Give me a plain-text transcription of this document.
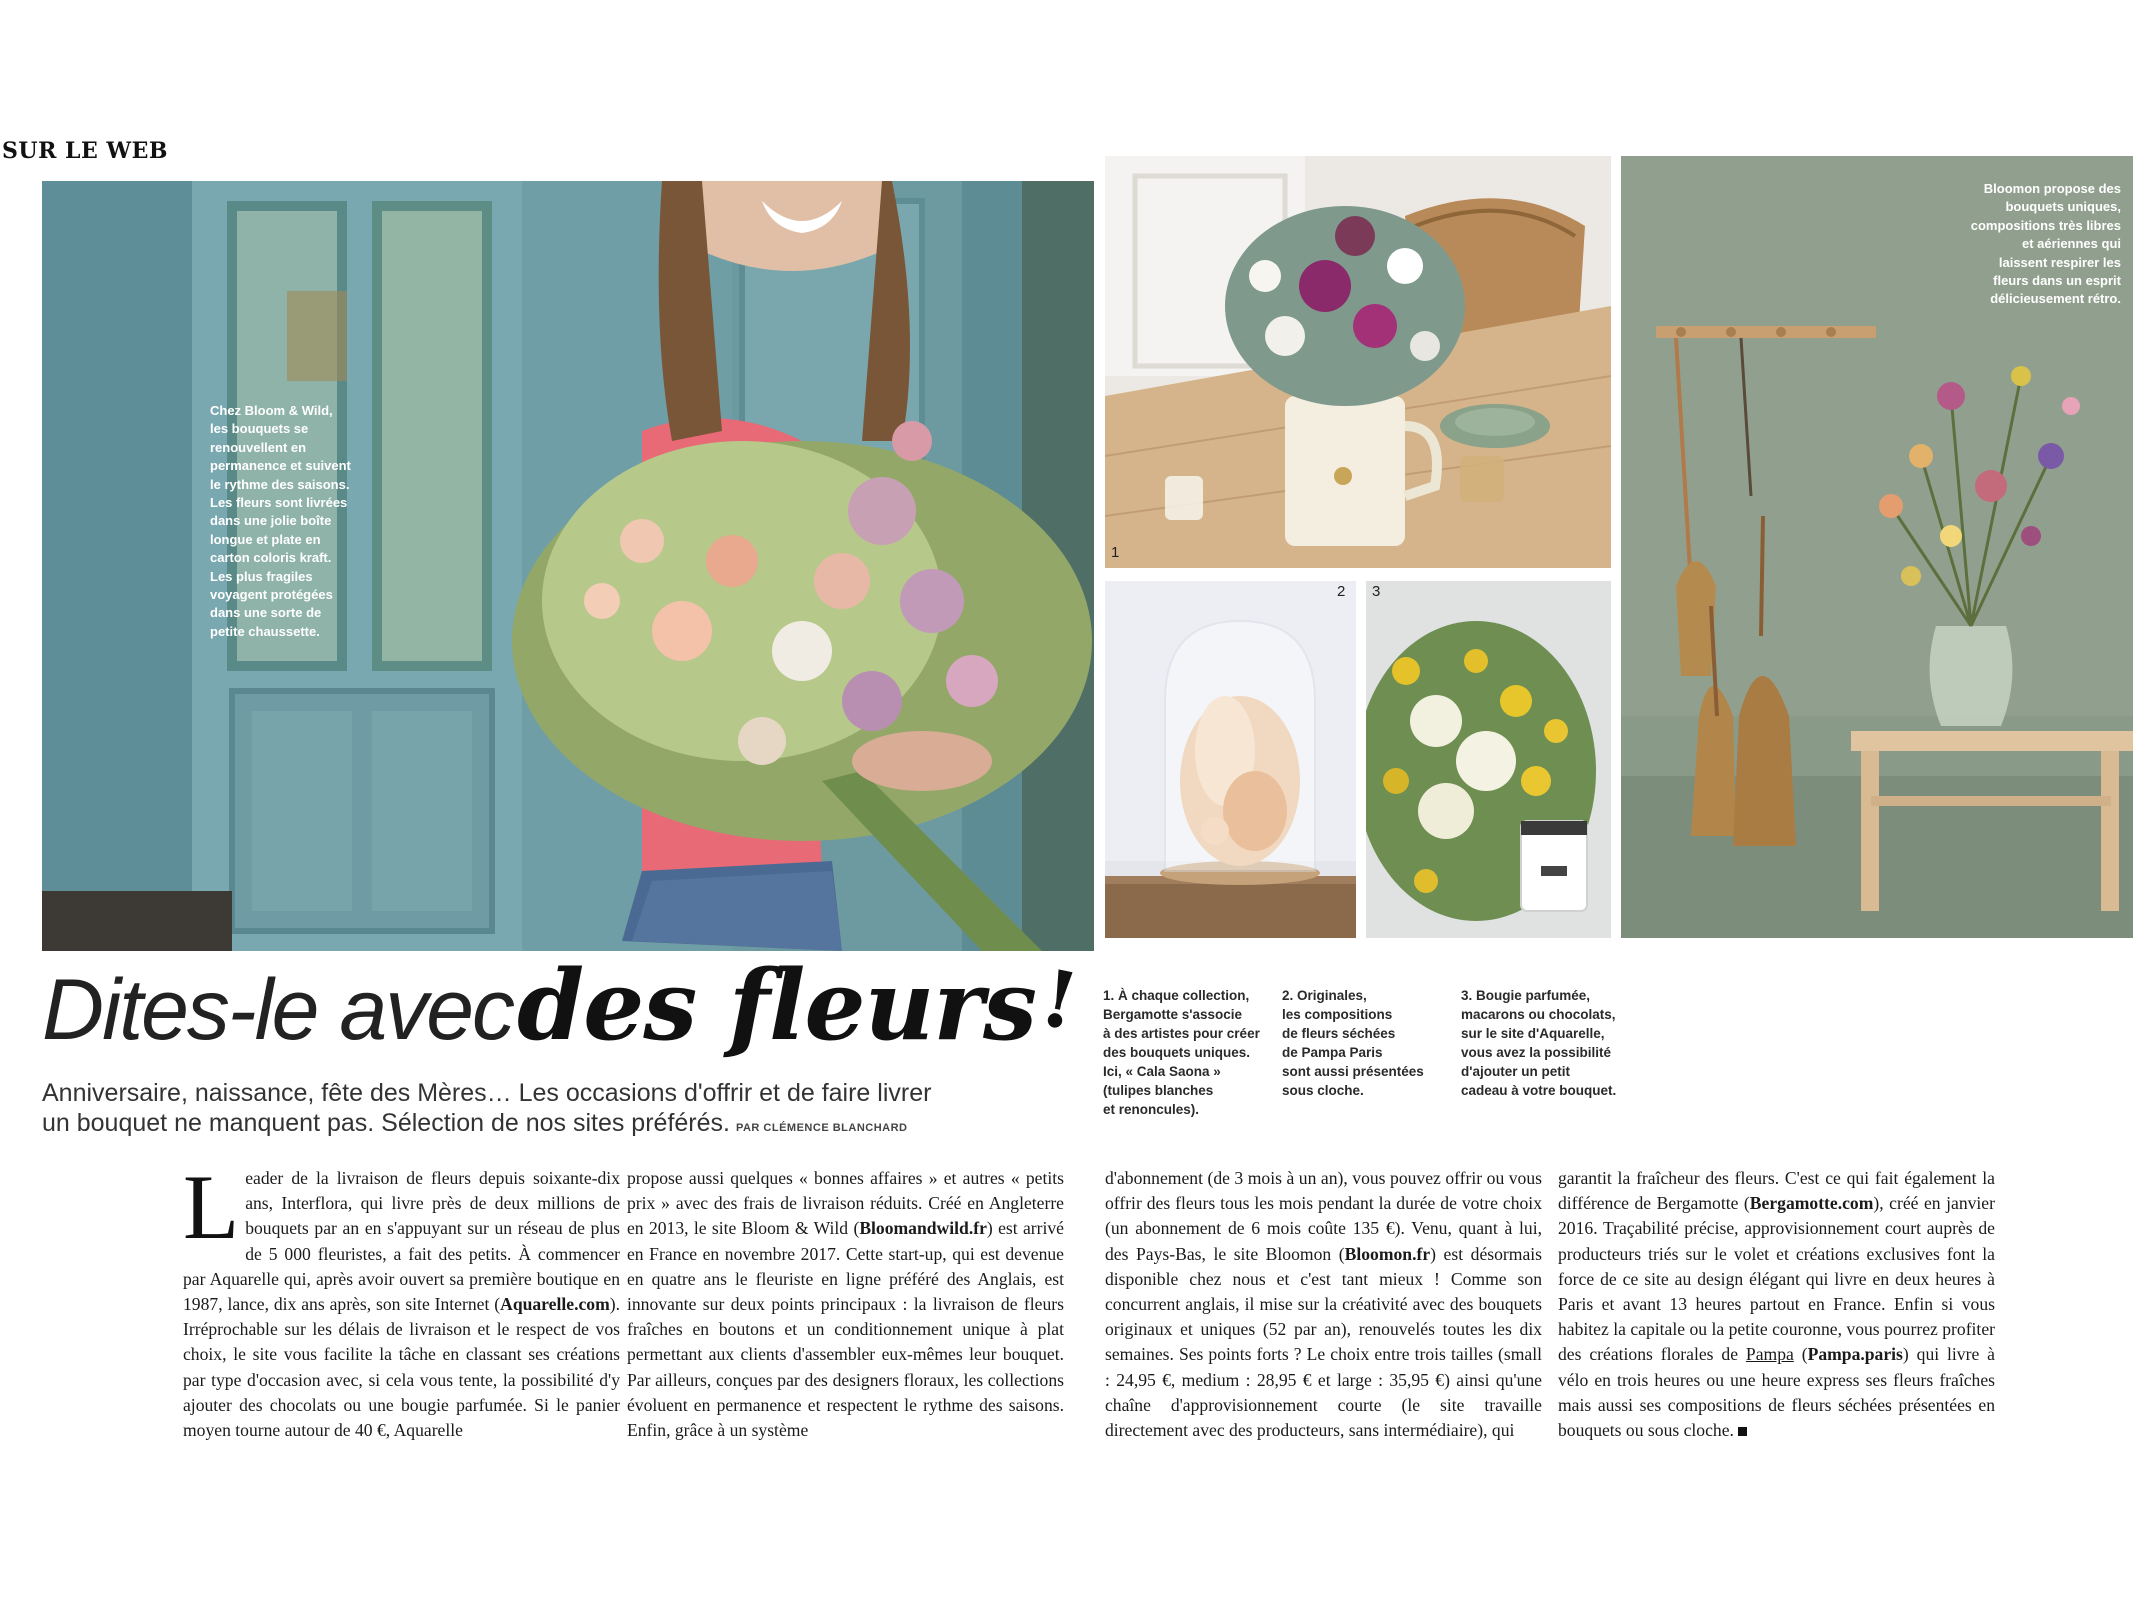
SUR LE WEB
Chez Bloom & Wild,
les bouquets se
renouvellent en
permanence et suivent
le rythme des saisons.
Les fleurs sont livrées
dans une jolie boîte
longue et plate en
carton coloris kraft.
Les plus fragiles
voyagent protégées
dans une sorte de
petite chaussette.
1
2 3
Bloomon propose des
bouquets uniques,
compositions très libres
et aériennes qui
laissent respirer les
fleurs dans un esprit
délicieusement rétro.
1. À chaque collection,
Bergamotte s'associe
à des artistes pour créer
des bouquets uniques.
Ici, « Cala Saona »
(tulipes blanches
et renoncules).
2. Originales,
les compositions
de fleurs séchées
de Pampa Paris
sont aussi présentées
sous cloche.
3. Bougie parfumée,
macarons ou chocolats,
sur le site d'Aquarelle,
vous avez la possibilité
d'ajouter un petit
cadeau à votre bouquet.
Dites-le avec des fleurs!
Anniversaire, naissance, fête des Mères… Les occasions d'offrir et de faire livrer
un bouquet ne manquent pas. Sélection de nos sites préférés. PAR CLÉMENCE BLANCHARD

Leader de la livraison de fleurs depuis soixante-dix ans, Interflora, qui livre près de deux millions de bouquets par an en s'appuyant sur un réseau de plus de 5 000 fleuristes, a fait des petits. À commencer par Aquarelle qui, après avoir ouvert sa première boutique en 1987, lance, dix ans après, son site Internet (Aquarelle.com). Irréprochable sur les délais de livraison et le respect de vos choix, le site vous facilite la tâche en classant ses créations par type d'occasion avec, si cela vous tente, la possibilité d'y ajouter des chocolats ou une bougie parfumée. Si le panier moyen tourne autour de 40 €, Aquarelle

propose aussi quelques « bonnes affaires » et autres « petits prix » avec des frais de livraison réduits. Créé en Angleterre en 2013, le site Bloom & Wild (Bloomandwild.fr) est arrivé en France en novembre 2017. Cette start-up, qui est devenue en quatre ans le fleuriste en ligne préféré des Anglais, est innovante sur deux points principaux : la livraison de fleurs fraîches en boutons et un conditionnement unique à plat permettant aux clients d'assembler eux-mêmes leur bouquet. Par ailleurs, conçues par des designers floraux, les collections évoluent en permanence et respectent le rythme des saisons. Enfin, grâce à un système

d'abonnement (de 3 mois à un an), vous pouvez offrir ou vous offrir des fleurs tous les mois pendant la durée de votre choix (un abonnement de 6 mois coûte 135 €). Venu, quant à lui, des Pays-Bas, le site Bloomon (Bloomon.fr) est désormais disponible chez nous et c'est tant mieux ! Comme son concurrent anglais, il mise sur la créativité avec des bouquets originaux et uniques (52 par an), renouvelés toutes les dix semaines. Ses points forts ? Le choix entre trois tailles (small : 24,95 €, medium : 28,95 € et large : 35,95 €) ainsi qu'une chaîne d'approvisionnement courte (le site travaille directement avec des producteurs, sans intermédiaire), qui

garantit la fraîcheur des fleurs. C'est ce qui fait également la différence de Bergamotte (Bergamotte.com), créé en janvier 2016. Traçabilité précise, approvisionnement court auprès de producteurs triés sur le volet et créations exclusives font la force de ce site au design élégant qui livre en deux heures à Paris et avant 13 heures partout en France. Enfin si vous habitez la capitale ou la petite couronne, vous pourrez profiter des créations florales de Pampa (Pampa.paris) qui livre à vélo en trois heures ou une heure express ses fleurs fraîches mais aussi ses compositions de fleurs séchées présentées en bouquets ou sous cloche.
